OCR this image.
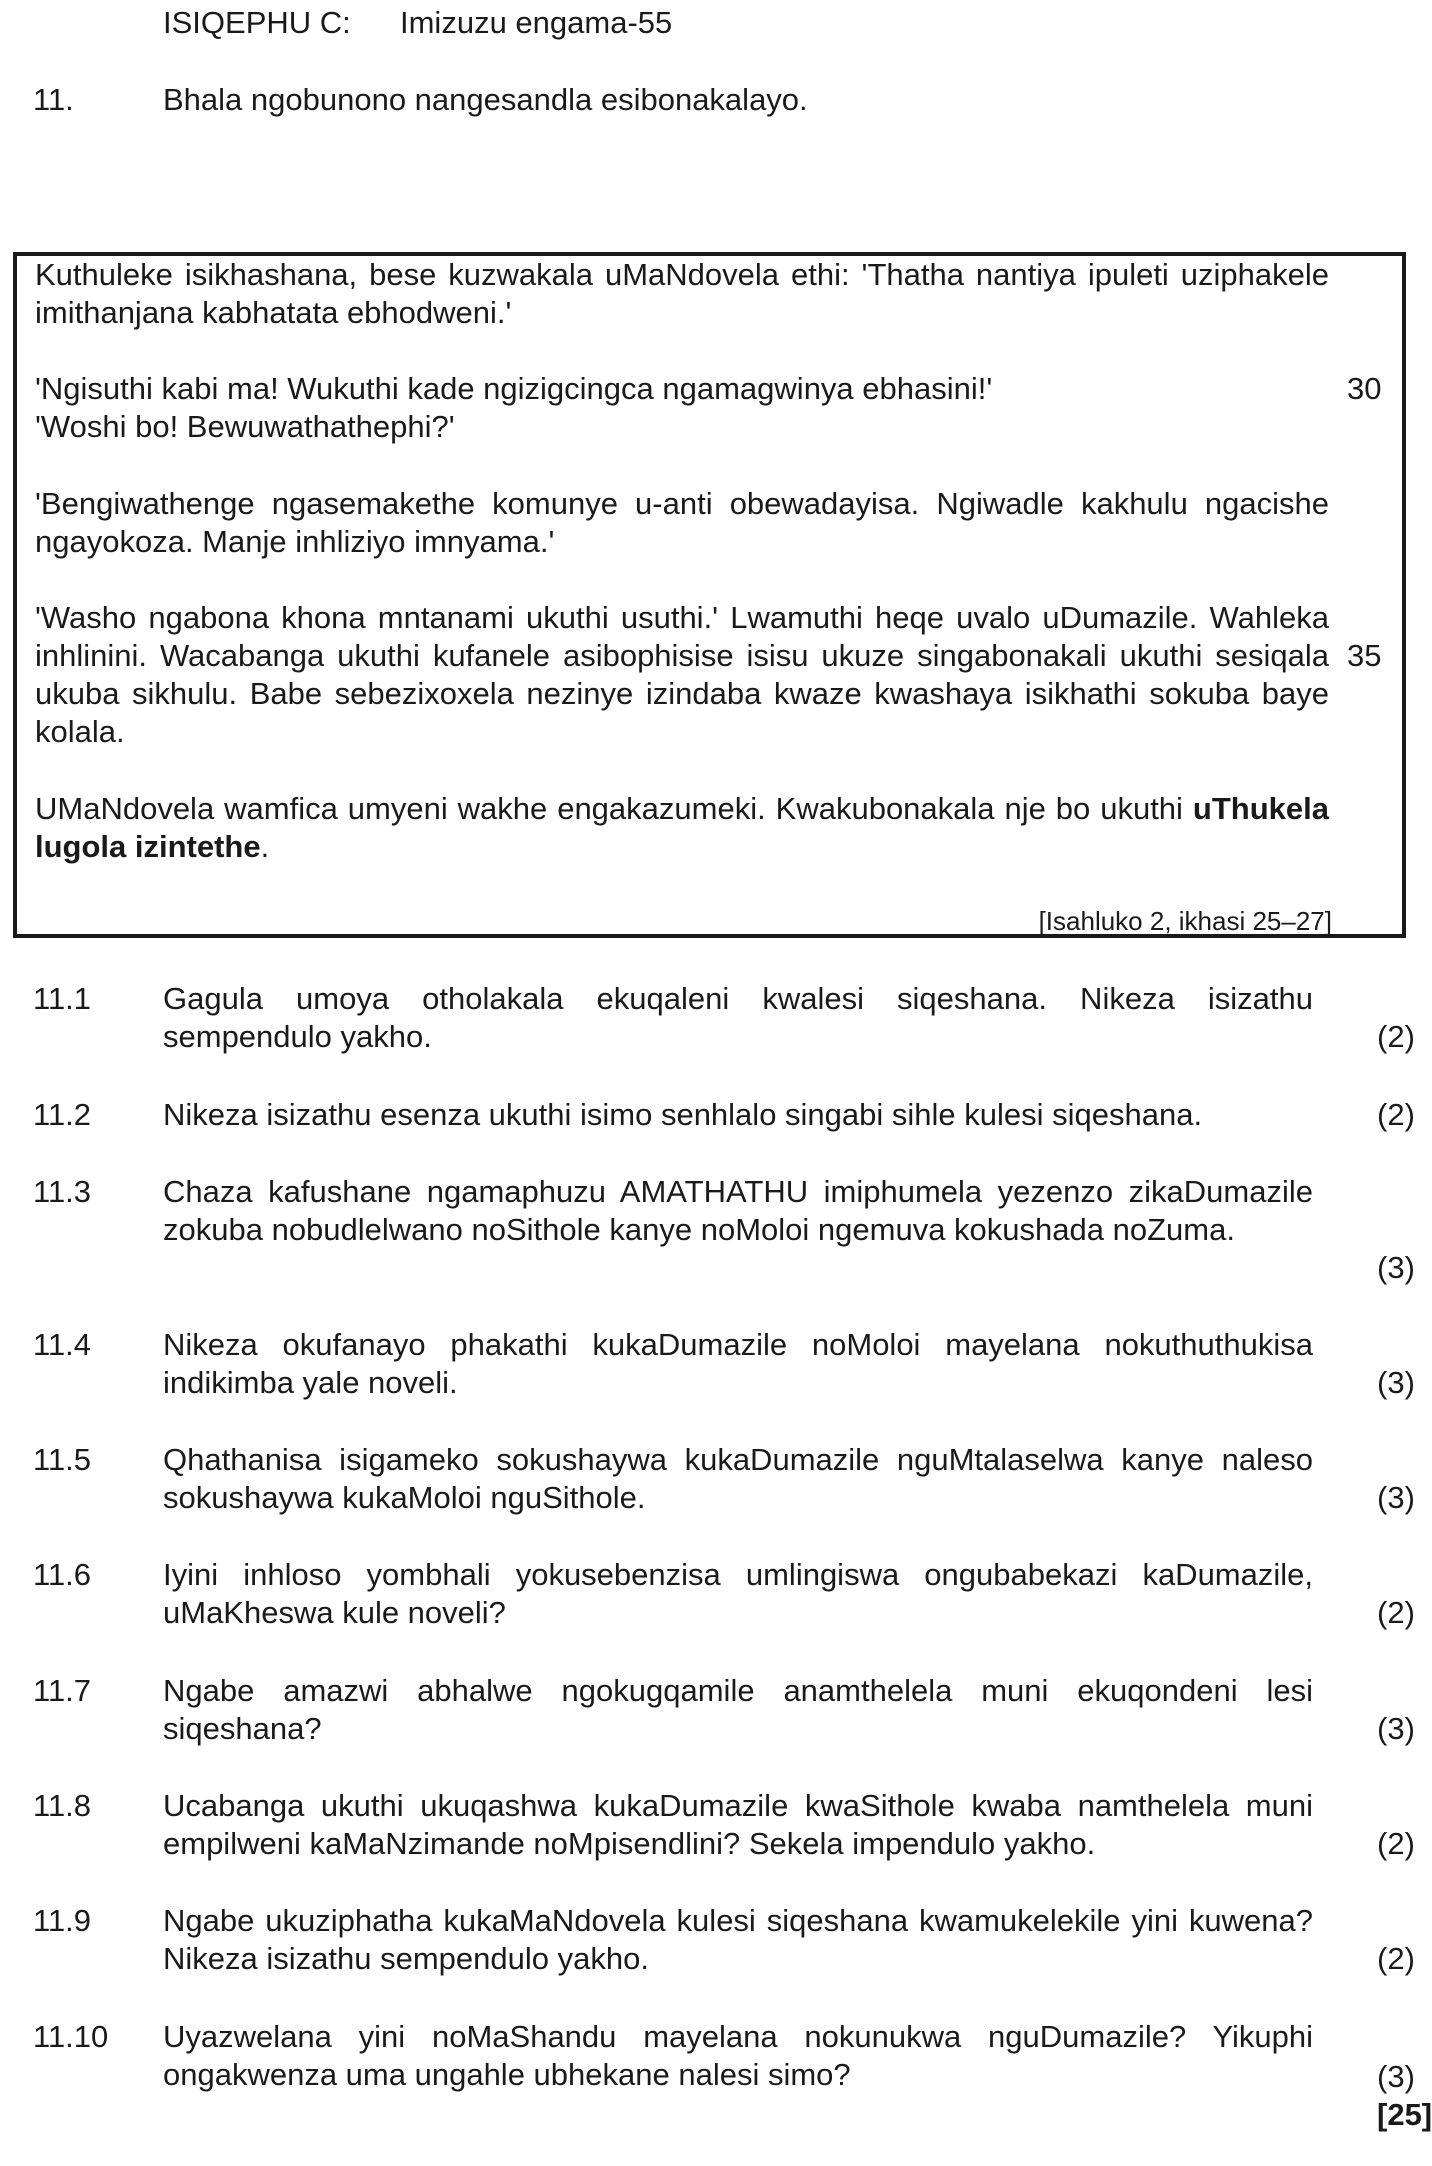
ISIQEPHU C: Imizuzu engama-55
11.	Bhala ngobunono nangesandla esibonakalayo.
Kuthuleke isikhashana, bese kuzwakala uMaNdovela ethi: 'Thatha nantiya ipuleti uziphakele imithanjana kabhatata ebhodweni.'
'Ngisuthi kabi ma! Wukuthi kade ngizigcingca ngamagwinya ebhasini!'	30
'Woshi bo! Bewuwathathephi?'
'Bengiwathenge ngasemakethe komunye u-anti obewadayisa. Ngiwadle kakhulu ngacishe ngayokoza. Manje inhliziyo imnyama.'
'Washo ngabona khona mntanami ukuthi usuthi.' Lwamuthi heqe uvalo uDumazile. Wahleka inhlinini. Wacabanga ukuthi kufanele asibophisise isisu ukuze singabonakali ukuthi sesiqala ukuba sikhulu. Babe sebezixoxela nezinye izindaba kwaze kwashaya isikhathi sokuba baye kolala.
35
UMaNdovela wamfica umyeni wakhe engakazumeki. Kwakubonakala nje bo ukuthi uThukela lugola izintethe.
[Isahluko 2, ikhasi 25–27]
11.1 Gagula umoya otholakala ekuqaleni kwalesi siqeshana. Nikeza isizathu sempendulo yakho.	(2)
11.2 Nikeza isizathu esenza ukuthi isimo senhlalo singabi sihle kulesi siqeshana.	(2)
11.3 Chaza kafushane ngamaphuzu AMATHATHU imiphumela yezenzo zikaDumazile zokuba nobudlelwano noSithole kanye noMoloi ngemuva kokushada noZuma.
(3)
11.4 Nikeza okufanayo phakathi kukaDumazile noMoloi mayelana nokuthuthukisa indikimba yale noveli.	(3)
11.5 Qhathanisa isigameko sokushaywa kukaDumazile nguMtalaselwa kanye naleso sokushaywa kukaMoloi nguSithole.	(3)
11.6 Iyini inhloso yombhali yokusebenzisa umlingiswa ongubabekazi kaDumazile, uMaKheswa kule noveli?	(2)
11.7 Ngabe amazwi abhalwe ngokugqamile anamthelela muni ekuqondeni lesi siqeshana?	(3)
11.8 Ucabanga ukuthi ukuqashwa kukaDumazile kwaSithole kwaba namthelela muni empilweni kaMaNzimande noMpisendlini? Sekela impendulo yakho.	(2)
11.9 Ngabe ukuziphatha kukaMaNdovela kulesi siqeshana kwamukelekile yini kuwena? Nikeza isizathu sempendulo yakho.	(2)
11.10 Uyazwelana yini noMaShandu mayelana nokunukwa nguDumazile? Yikuphi ongakwenza uma ungahle ubhekane nalesi simo?	(3)
[25]
